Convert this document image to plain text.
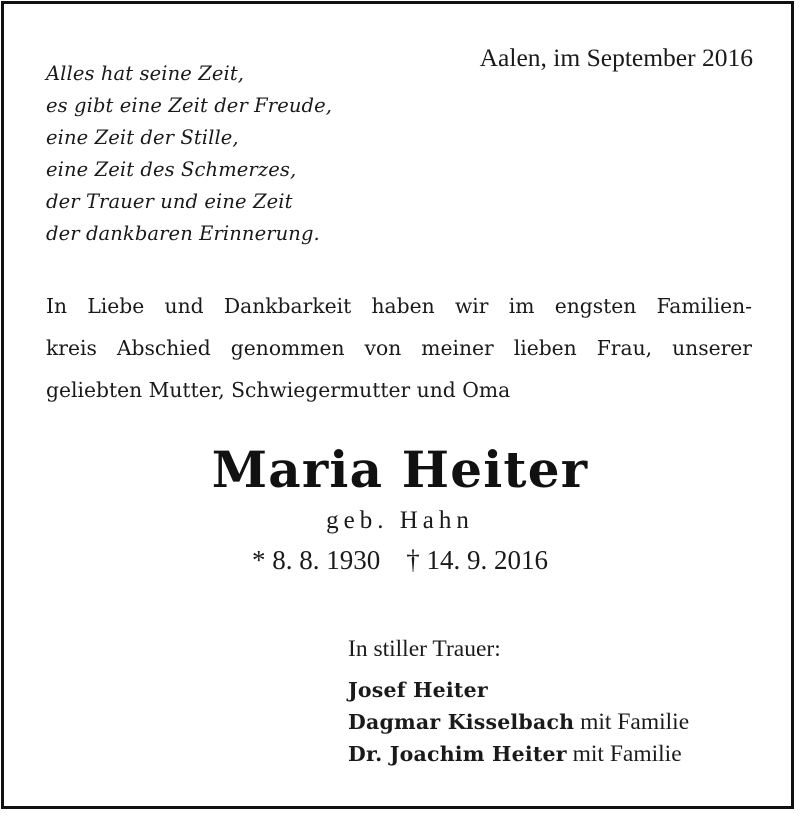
Alles hat seine Zeit,
es gibt eine Zeit der Freude,
eine Zeit der Stille,
eine Zeit des Schmerzes,
der Trauer und eine Zeit
der dankbaren Erinnerung.
Aalen, im September 2016
In Liebe und Dankbarkeit haben wir im engsten Familien-
kreis Abschied genommen von meiner lieben Frau, unserer
geliebten Mutter, Schwiegermutter und Oma
Maria Heiter
geb. Hahn
* 8. 8. 1930 † 14. 9. 2016
In stiller Trauer:
Josef Heiter
Dagmar Kisselbach mit Familie
Dr. Joachim Heiter mit Familie
